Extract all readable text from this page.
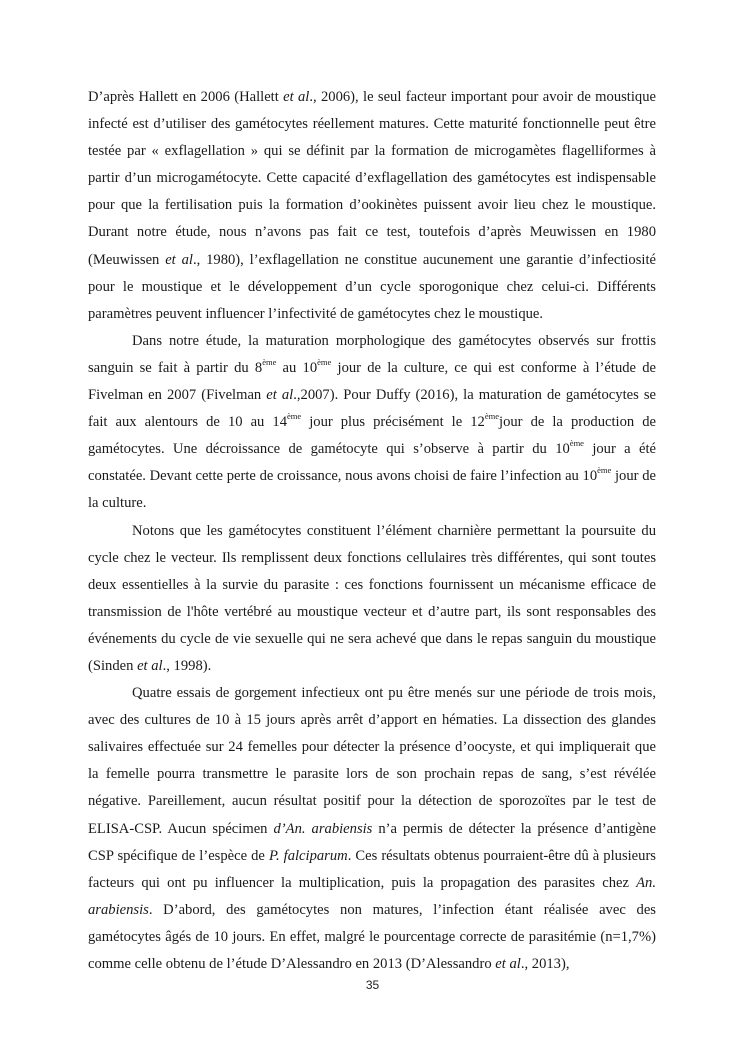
D’après Hallett en 2006 (Hallett et al., 2006), le seul facteur important pour avoir de moustique infecté est d’utiliser des gamétocytes réellement matures. Cette maturité fonctionnelle peut être testée par « exflagellation » qui se définit par la formation de microgamètes flagelliformes à partir d’un microgamétocyte. Cette capacité d’exflagellation des gamétocytes est indispensable pour que la fertilisation puis la formation d’ookinètes puissent avoir lieu chez le moustique. Durant notre étude, nous n’avons pas fait ce test, toutefois d’après Meuwissen en 1980 (Meuwissen et al., 1980), l’exflagellation ne constitue aucunement une garantie d’infectiosité pour le moustique et le développement d’un cycle sporogonique chez celui-ci. Différents paramètres peuvent influencer l’infectivité de gamétocytes chez le moustique.

Dans notre étude, la maturation morphologique des gamétocytes observés sur frottis sanguin se fait à partir du 8ème au 10ème jour de la culture, ce qui est conforme à l’étude de Fivelman en 2007 (Fivelman et al.,2007). Pour Duffy (2016), la maturation de gamétocytes se fait aux alentours de 10 au 14ème jour plus précisément le 12èmejour de la production de gamétocytes. Une décroissance de gamétocyte qui s’observe à partir du 10ème jour a été constatée. Devant cette perte de croissance, nous avons choisi de faire l’infection au 10ème jour de la culture.

Notons que les gamétocytes constituent l’élément charnière permettant la poursuite du cycle chez le vecteur. Ils remplissent deux fonctions cellulaires très différentes, qui sont toutes deux essentielles à la survie du parasite : ces fonctions fournissent un mécanisme efficace de transmission de l'hôte vertébré au moustique vecteur et d’autre part, ils sont responsables des événements du cycle de vie sexuelle qui ne sera achevé que dans le repas sanguin du moustique (Sinden et al., 1998).

Quatre essais de gorgement infectieux ont pu être menés sur une période de trois mois, avec des cultures de 10 à 15 jours après arrêt d’apport en hématies. La dissection des glandes salivaires effectuée sur 24 femelles pour détecter la présence d’oocyste, et qui impliquerait que la femelle pourra transmettre le parasite lors de son prochain repas de sang, s’est révélée négative. Pareillement, aucun résultat positif pour la détection de sporozoïtes par le test de ELISA-CSP. Aucun spécimen d’An. arabiensis n’a permis de détecter la présence d’antigène CSP spécifique de l’espèce de P. falciparum. Ces résultats obtenus pourraient-être dû à plusieurs facteurs qui ont pu influencer la multiplication, puis la propagation des parasites chez An. arabiensis. D’abord, des gamétocytes non matures, l’infection étant réalisée avec des gamétocytes âgés de 10 jours. En effet, malgré le pourcentage correcte de parasitémie (n=1,7%) comme celle obtenu de l’étude D’Alessandro en 2013 (D’Alessandro et al., 2013),

35
